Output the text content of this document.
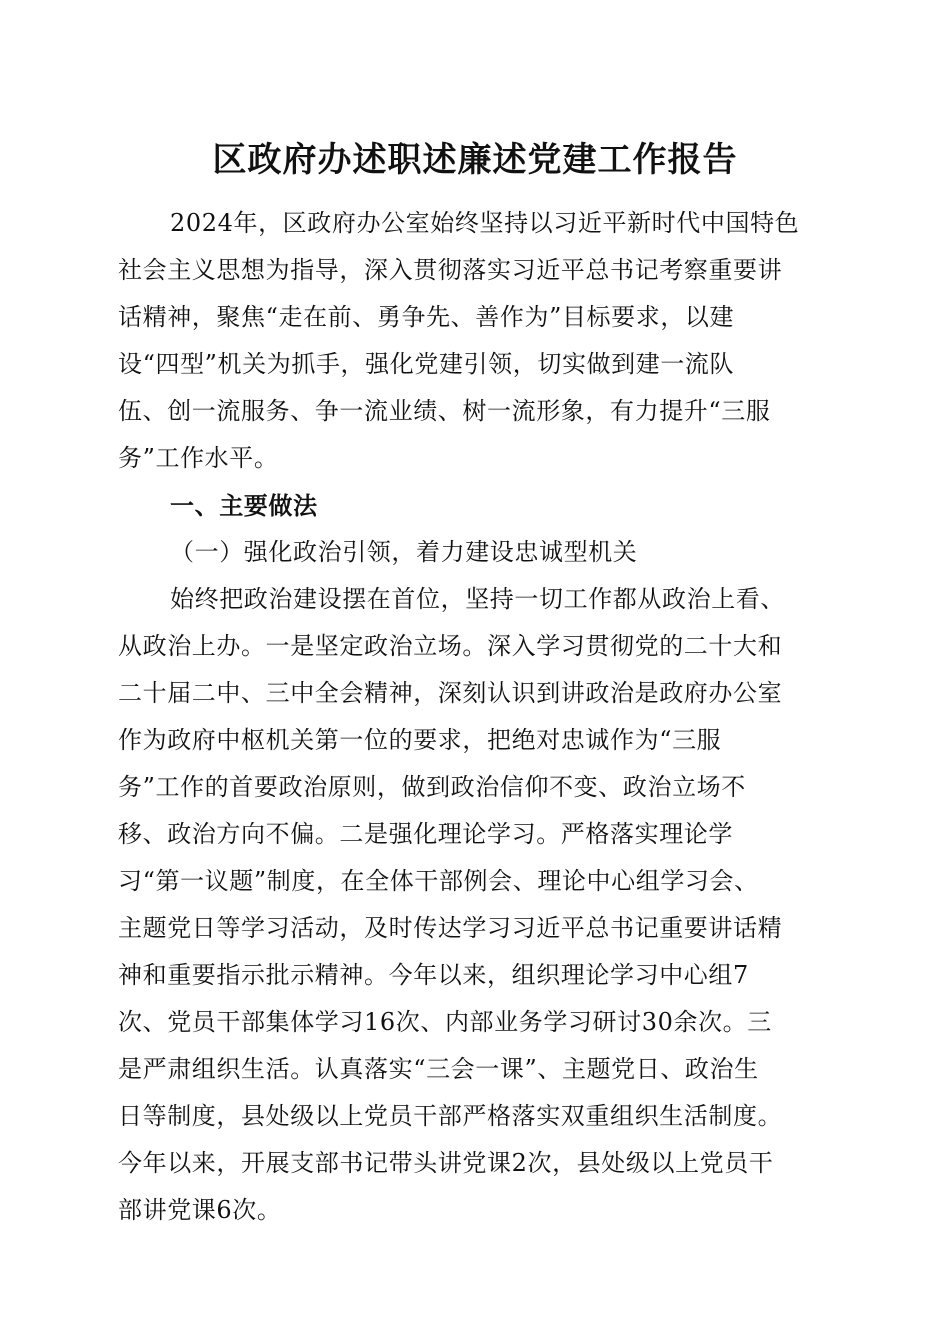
区政府办述职述廉述党建工作报告
2024年，区政府办公室始终坚持以习近平新时代中国特色
社会主义思想为指导，深入贯彻落实习近平总书记考察重要讲
话精神，聚焦“走在前、勇争先、善作为”目标要求，以建
设“四型”机关为抓手，强化党建引领，切实做到建一流队
伍、创一流服务、争一流业绩、树一流形象，有力提升“三服
务”工作水平。
一、主要做法
（一）强化政治引领，着力建设忠诚型机关
始终把政治建设摆在首位，坚持一切工作都从政治上看、
从政治上办。一是坚定政治立场。深入学习贯彻党的二十大和
二十届二中、三中全会精神，深刻认识到讲政治是政府办公室
作为政府中枢机关第一位的要求，把绝对忠诚作为“三服
务”工作的首要政治原则，做到政治信仰不变、政治立场不
移、政治方向不偏。二是强化理论学习。严格落实理论学
习“第一议题”制度，在全体干部例会、理论中心组学习会、
主题党日等学习活动，及时传达学习习近平总书记重要讲话精
神和重要指示批示精神。今年以来，组织理论学习中心组7
次、党员干部集体学习16次、内部业务学习研讨30余次。三
是严肃组织生活。认真落实“三会一课”、主题党日、政治生
日等制度，县处级以上党员干部严格落实双重组织生活制度。
今年以来，开展支部书记带头讲党课2次，县处级以上党员干
部讲党课6次。
